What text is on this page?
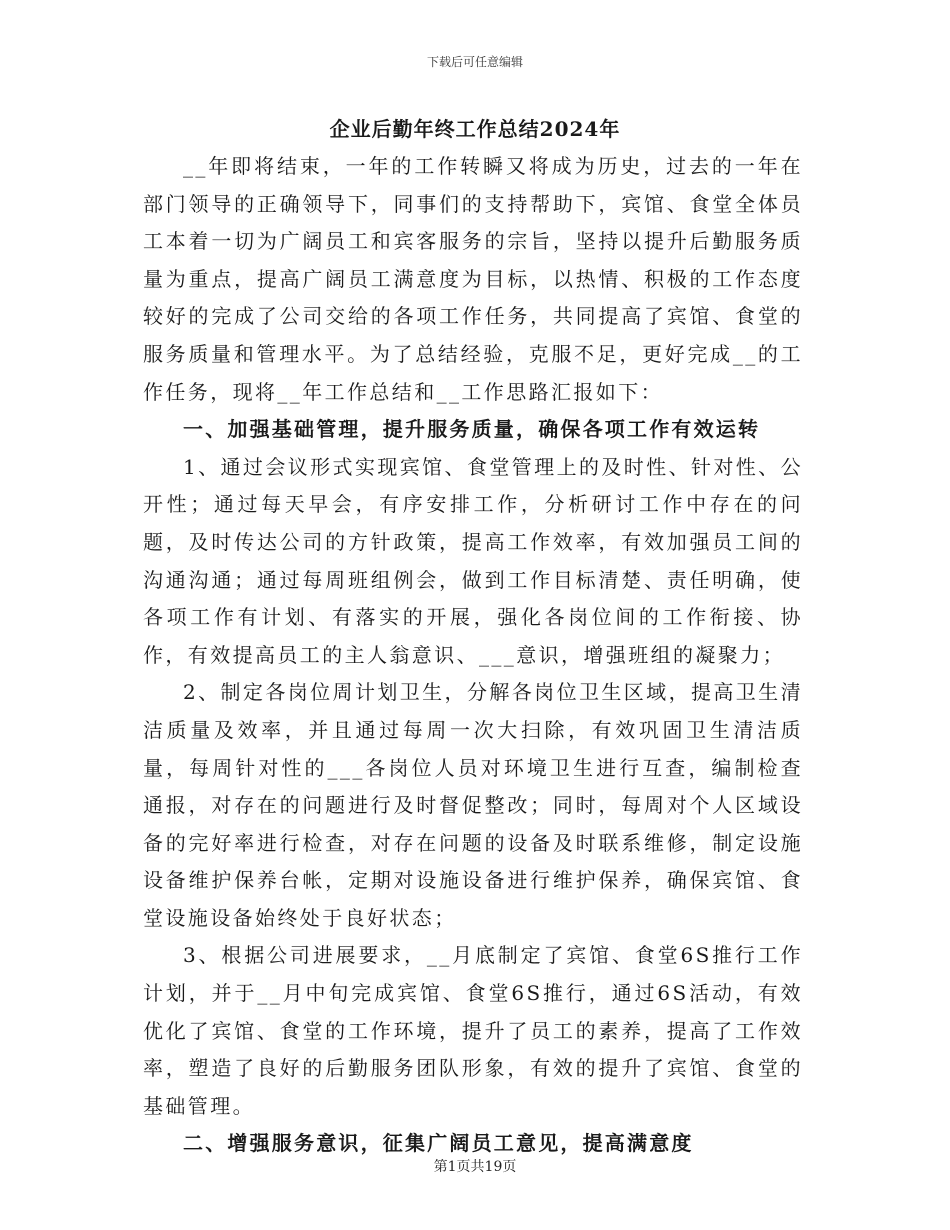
下载后可任意编辑
企业后勤年终工作总结2024年

__年即将结束，一年的工作转瞬又将成为历史，过去的一年在部门领导的正确领导下，同事们的支持帮助下，宾馆、食堂全体员工本着一切为广阔员工和宾客服务的宗旨，坚持以提升后勤服务质量为重点，提高广阔员工满意度为目标，以热情、积极的工作态度较好的完成了公司交给的各项工作任务，共同提高了宾馆、食堂的服务质量和管理水平。为了总结经验，克服不足，更好完成__的工作任务，现将__年工作总结和__工作思路汇报如下：

一、加强基础管理，提升服务质量，确保各项工作有效运转

1、通过会议形式实现宾馆、食堂管理上的及时性、针对性、公开性；通过每天早会，有序安排工作，分析研讨工作中存在的问题，及时传达公司的方针政策，提高工作效率，有效加强员工间的沟通沟通；通过每周班组例会，做到工作目标清楚、责任明确，使各项工作有计划、有落实的开展，强化各岗位间的工作衔接、协作，有效提高员工的主人翁意识、___意识，增强班组的凝聚力；

2、制定各岗位周计划卫生，分解各岗位卫生区域，提高卫生清洁质量及效率，并且通过每周一次大扫除，有效巩固卫生清洁质量，每周针对性的___各岗位人员对环境卫生进行互查，编制检查通报，对存在的问题进行及时督促整改；同时，每周对个人区域设备的完好率进行检查，对存在问题的设备及时联系维修，制定设施设备维护保养台帐，定期对设施设备进行维护保养，确保宾馆、食堂设施设备始终处于良好状态；

3、根据公司进展要求，__月底制定了宾馆、食堂6S推行工作计划，并于__月中旬完成宾馆、食堂6S推行，通过6S活动，有效优化了宾馆、食堂的工作环境，提升了员工的素养，提高了工作效率，塑造了良好的后勤服务团队形象，有效的提升了宾馆、食堂的基础管理。

二、增强服务意识，征集广阔员工意见，提高满意度

第1页共19页
